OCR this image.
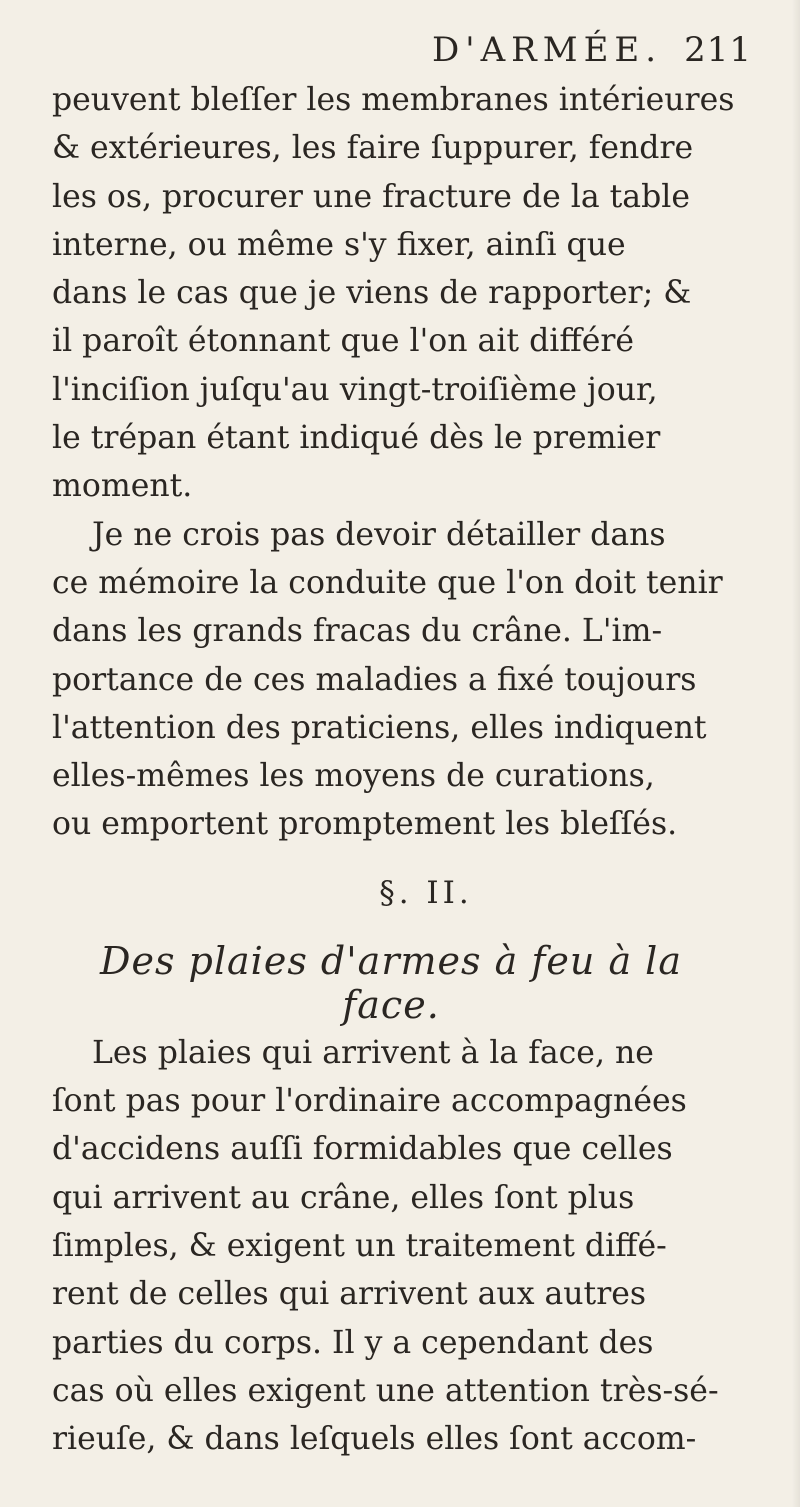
D'ARMÉE. 211

peuvent bleſſer les membranes intérieures
& extérieures, les faire ſuppurer, fendre
les os, procurer une fracture de la table
interne, ou même s'y fixer, ainſi que
dans le cas que je viens de rapporter; &
il paroît étonnant que l'on ait différé
l'inciſion juſqu'au vingt-troiſième jour,
le trépan étant indiqué dès le premier
moment.

Je ne crois pas devoir détailler dans
ce mémoire la conduite que l'on doit tenir
dans les grands fracas du crâne. L'im-
portance de ces maladies a fixé toujours
l'attention des praticiens, elles indiquent
elles-mêmes les moyens de curations,
ou emportent promptement les bleſſés.

§. II.
Des plaies d'armes à feu à la face.

Les plaies qui arrivent à la face, ne
ſont pas pour l'ordinaire accompagnées
d'accidens auſſi formidables que celles
qui arrivent au crâne, elles ſont plus
ſimples, & exigent un traitement diffé-
rent de celles qui arrivent aux autres
parties du corps. Il y a cependant des
cas où elles exigent une attention très-sé-
rieuſe, & dans leſquels elles ſont accom-
